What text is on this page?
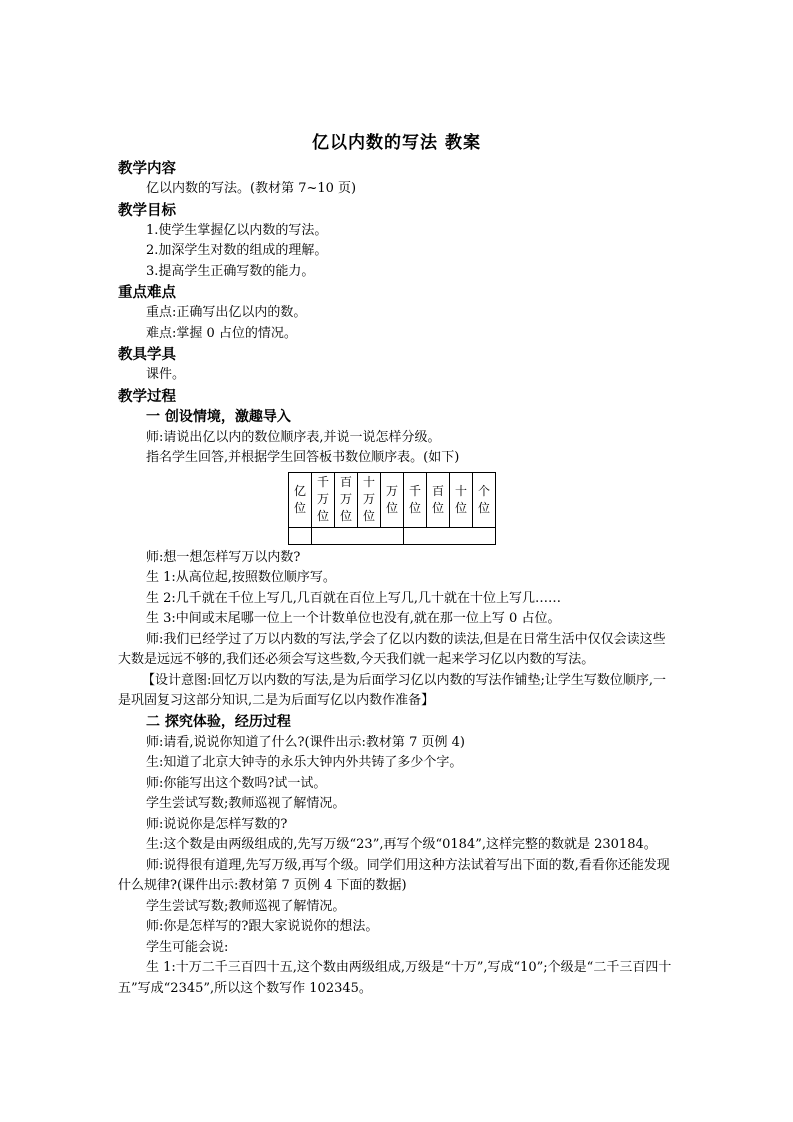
亿以内数的写法 教案
教学内容

亿以内数的写法。(教材第 7~10 页)

教学目标

1.使学生掌握亿以内数的写法。

2.加深学生对数的组成的理解。

3.提高学生正确写数的能力。

重点难点

重点:正确写出亿以内的数。

难点:掌握 0 占位的情况。

教具学具

课件。

教学过程
一 创设情境，激趣导入

师:请说出亿以内的数位顺序表,并说一说怎样分级。

指名学生回答,并根据学生回答板书数位顺序表。(如下)

亿位	千万位	百万位	十万位	万位	千位	百位	十位	个位

师:想一想怎样写万以内数?

生 1:从高位起,按照数位顺序写。

生 2:几千就在千位上写几,几百就在百位上写几,几十就在十位上写几……

生 3:中间或末尾哪一位上一个计数单位也没有,就在那一位上写 0 占位。

师:我们已经学过了万以内数的写法,学会了亿以内数的读法,但是在日常生活中仅仅会读这些大数是远远不够的,我们还必须会写这些数,今天我们就一起来学习亿以内数的写法。

【设计意图:回忆万以内数的写法,是为后面学习亿以内数的写法作铺垫;让学生写数位顺序,一是巩固复习这部分知识,二是为后面写亿以内数作准备】

二 探究体验，经历过程

师:请看,说说你知道了什么?(课件出示:教材第 7 页例 4)

生:知道了北京大钟寺的永乐大钟内外共铸了多少个字。

师:你能写出这个数吗?试一试。

学生尝试写数;教师巡视了解情况。

师:说说你是怎样写数的?

生:这个数是由两级组成的,先写万级“23”,再写个级“0184”,这样完整的数就是 230184。

师:说得很有道理,先写万级,再写个级。同学们用这种方法试着写出下面的数,看看你还能发现什么规律?(课件出示:教材第 7 页例 4 下面的数据)

学生尝试写数;教师巡视了解情况。

师:你是怎样写的?跟大家说说你的想法。

学生可能会说:

生 1:十万二千三百四十五,这个数由两级组成,万级是“十万”,写成“10”;个级是“二千三百四十五”写成“2345”,所以这个数写作 102345。
